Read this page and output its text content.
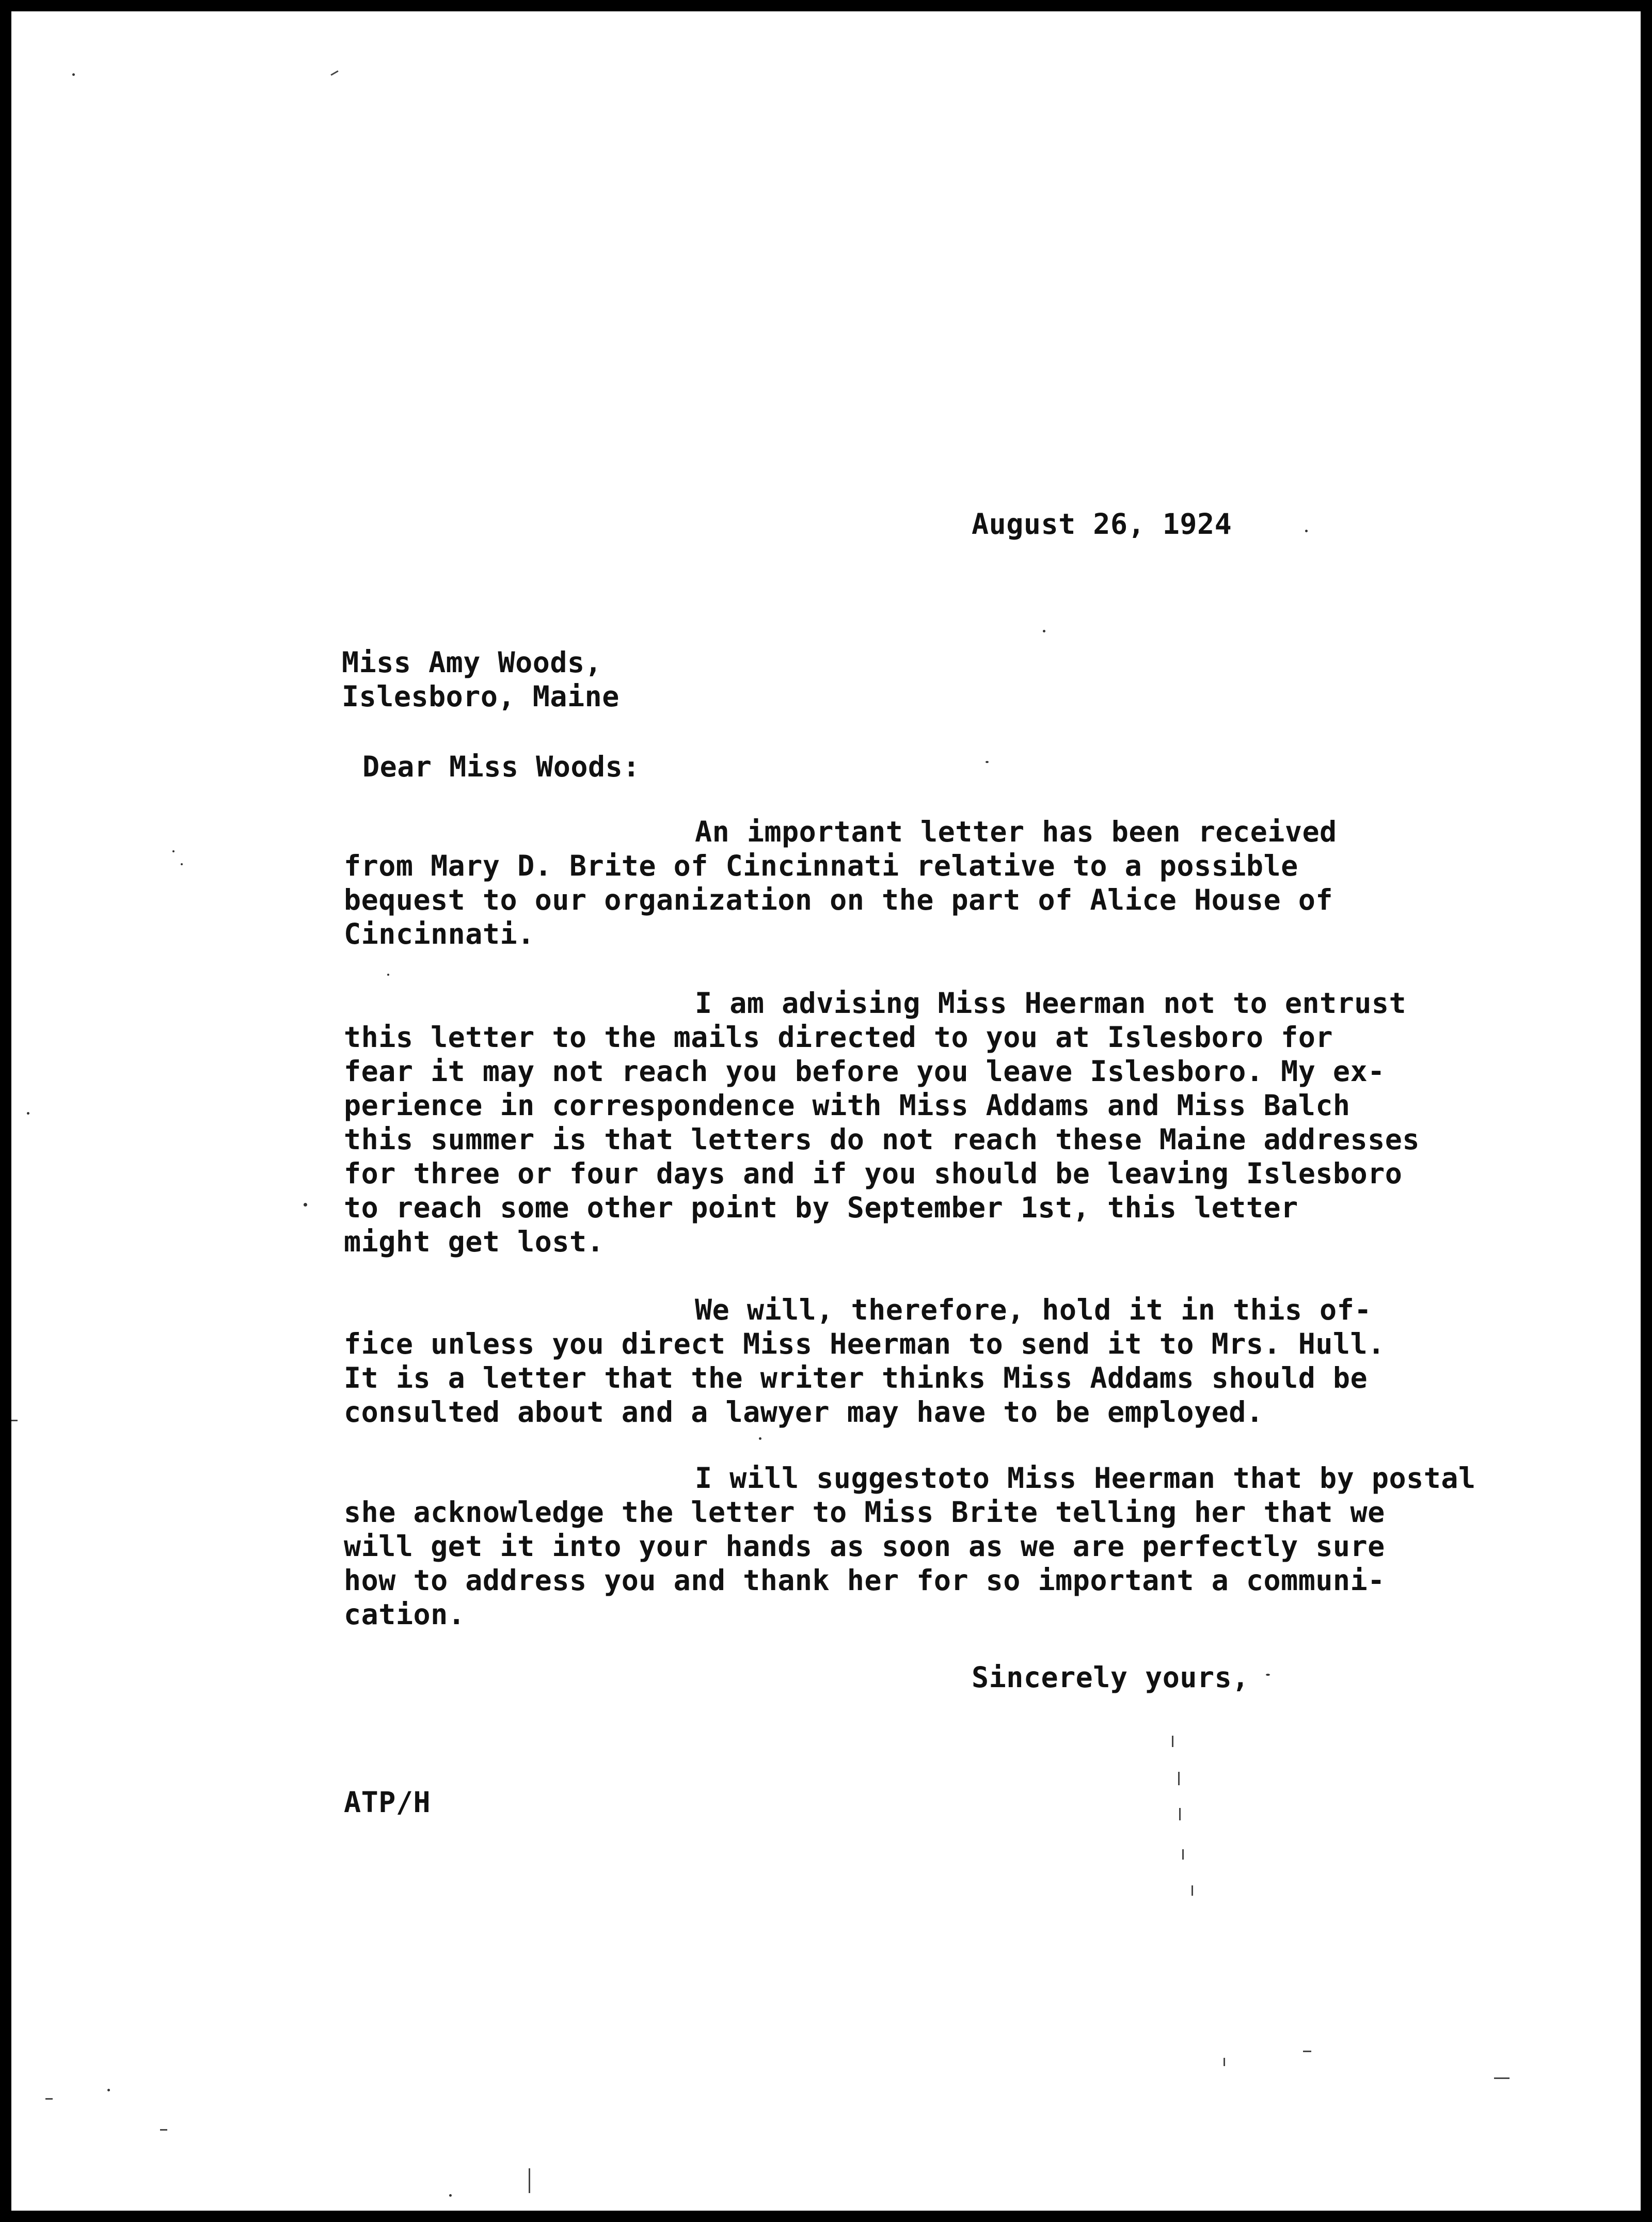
August 26, 1924

Miss Amy Woods,

Islesboro, Maine

Dear Miss Woods:

An important letter has been received

from Mary D. Brite of Cincinnati relative to a possible

bequest to our organization on the part of Alice House of

Cincinnati.

I am advising Miss Heerman not to entrust

this letter to the mails directed to you at Islesboro for

fear it may not reach you before you leave Islesboro. My ex-

perience in correspondence with Miss Addams and Miss Balch

this summer is that letters do not reach these Maine addresses

for three or four days and if you should be leaving Islesboro

to reach some other point by September 1st, this letter

might get lost.

We will, therefore, hold it in this of-

fice unless you direct Miss Heerman to send it to Mrs. Hull.

It is a letter that the writer thinks Miss Addams should be

consulted about and a lawyer may have to be employed.

I will suggestoto Miss Heerman that by postal

she acknowledge the letter to Miss Brite telling her that we

will get it into your hands as soon as we are perfectly sure

how to address you and thank her for so important a communi-

cation.

Sincerely yours,

ATP/H
